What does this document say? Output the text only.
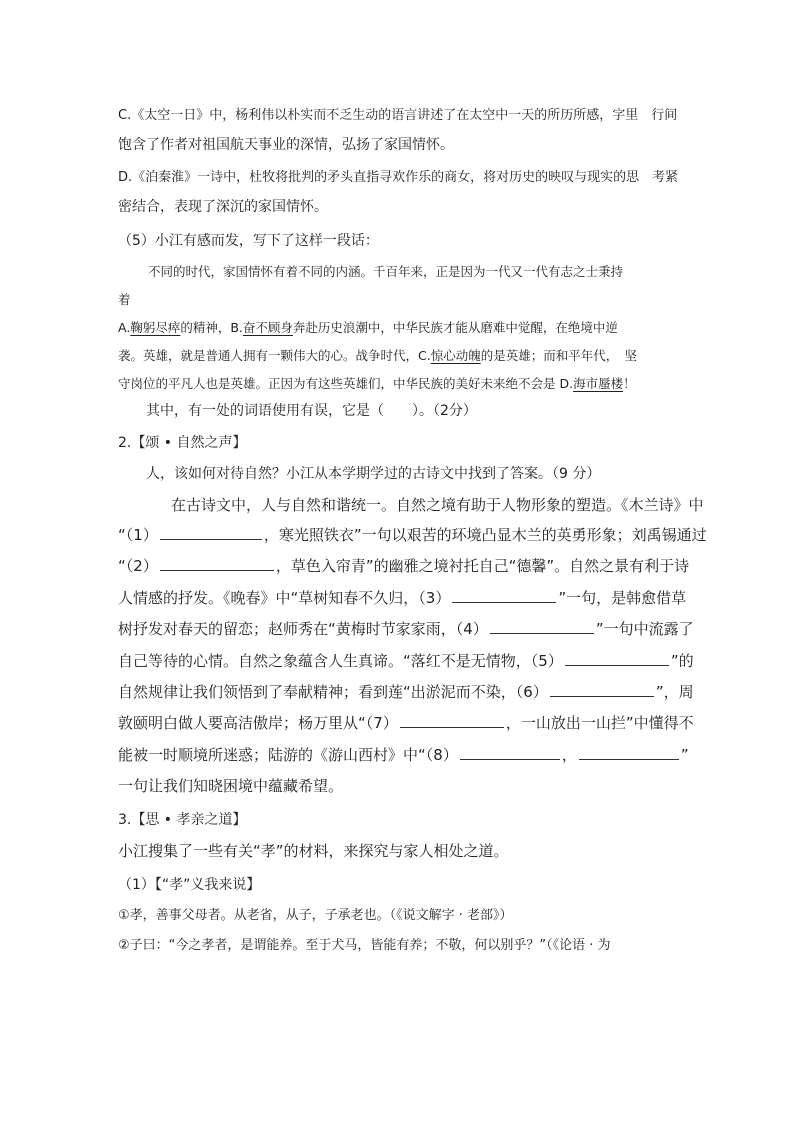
C.《太空一日》中，杨利伟以朴实而不乏生动的语言讲述了在太空中一天的所历所感，字里　行间

饱含了作者对祖国航天事业的深情，弘扬了家国情怀。

D.《泊秦淮》一诗中，杜牧将批判的矛头直指寻欢作乐的商女，将对历史的映叹与现实的思　考紧

密结合，表现了深沉的家国情怀。

（5）小江有感而发，写下了这样一段话：

不同的时代，家国情怀有着不同的内涵。千百年来，正是因为一代又一代有志之士秉持

着

A.鞠躬尽瘁的精神，B.奋不顾身奔赴历史浪潮中，中华民族才能从磨难中觉醒，在绝境中逆

袭。英雄，就是普通人拥有一颗伟大的心。战争时代，C.惊心动魄的是英雄；而和平年代，　坚

守岗位的平凡人也是英雄。正因为有这些英雄们，中华民族的美好未来绝不会是 D.海市蜃楼！

其中，有一处的词语使用有误，它是（　　）。（2分）

2.【颂 • 自然之声】

人，该如何对待自然？小江从本学期学过的古诗文中找到了答案。（9 分）

在古诗文中，人与自然和谐统一。自然之境有助于人物形象的塑造。《木兰诗》中

“（1）	，寒光照铁衣”一句以艰苦的环境凸显木兰的英勇形象；刘禹锡通过

“（2）	，草色入帘青”的幽雅之境衬托自己“德馨”。自然之景有利于诗

人情感的抒发。《晚春》中“草树知春不久归，（3）	”一句，是韩愈借草

树抒发对春天的留恋；赵师秀在“黄梅时节家家雨，（4）	”一句中流露了

自己等待的心情。自然之象蕴含人生真谛。“落红不是无情物，（5）	”的

自然规律让我们领悟到了奉献精神；看到莲“出淤泥而不染，（6）	”，周

敦颐明白做人要高洁傲岸；杨万里从“（7）	，一山放出一山拦”中懂得不

能被一时顺境所迷惑；陆游的《游山西村》中“（8）	，	”

一句让我们知晓困境中蕴藏希望。

3.【思 • 孝亲之道】

小江搜集了一些有关“孝”的材料，来探究与家人相处之道。

（1）【“孝”义我来说】

①孝，善事父母者。从老省，从子，子承老也。（《说文解字 · 老部》）

②子曰：“今之孝者，是谓能养。至于犬马，皆能有养；不敬，何以别乎？”（《论语 · 为
